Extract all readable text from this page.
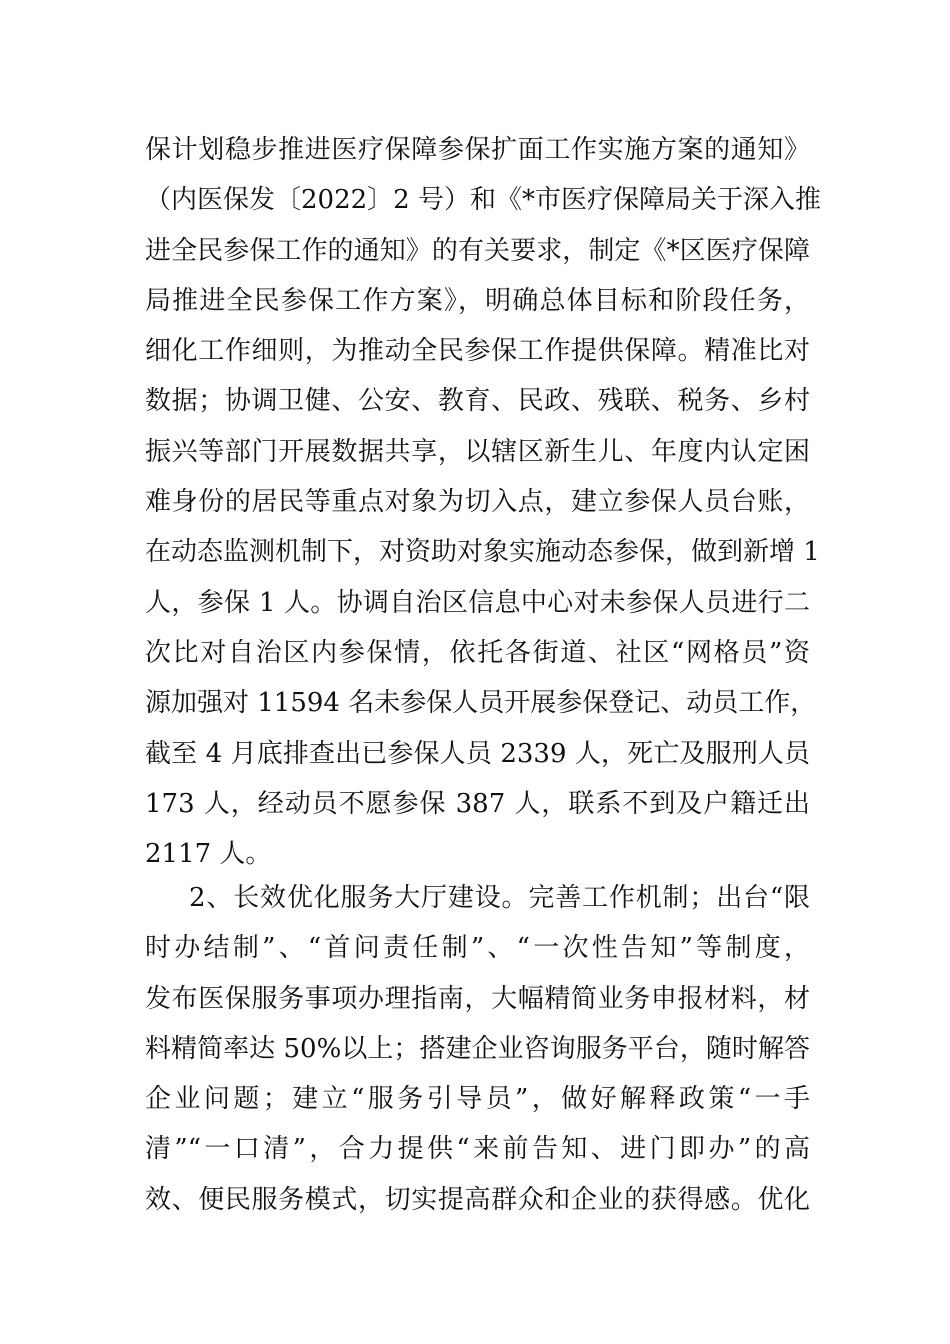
保计划稳步推进医疗保障参保扩面工作实施方案的通知》
（内医保发〔2022〕2 号）和《*市医疗保障局关于深入推
进全民参保工作的通知》的有关要求，制定《*区医疗保障
局推进全民参保工作方案》，明确总体目标和阶段任务，
细化工作细则，为推动全民参保工作提供保障。精准比对
数据；协调卫健、公安、教育、民政、残联、税务、乡村
振兴等部门开展数据共享，以辖区新生儿、年度内认定困
难身份的居民等重点对象为切入点，建立参保人员台账，
在动态监测机制下，对资助对象实施动态参保，做到新增 1
人，参保 1 人。协调自治区信息中心对未参保人员进行二
次比对自治区内参保情，依托各街道、社区“网格员”资
源加强对 11594 名未参保人员开展参保登记、动员工作，
截至 4 月底排查出已参保人员 2339 人，死亡及服刑人员
173 人，经动员不愿参保 387 人，联系不到及户籍迁出
2117 人。
2、长效优化服务大厅建设。完善工作机制；出台“限
时办结制”、“首问责任制”、“一次性告知”等制度，
发布医保服务事项办理指南，大幅精简业务申报材料，材
料精简率达 50%以上；搭建企业咨询服务平台，随时解答
企业问题；建立“服务引导员”，做好解释政策“一手
清”“一口清”，合力提供“来前告知、进门即办”的高
效、便民服务模式，切实提高群众和企业的获得感。优化
